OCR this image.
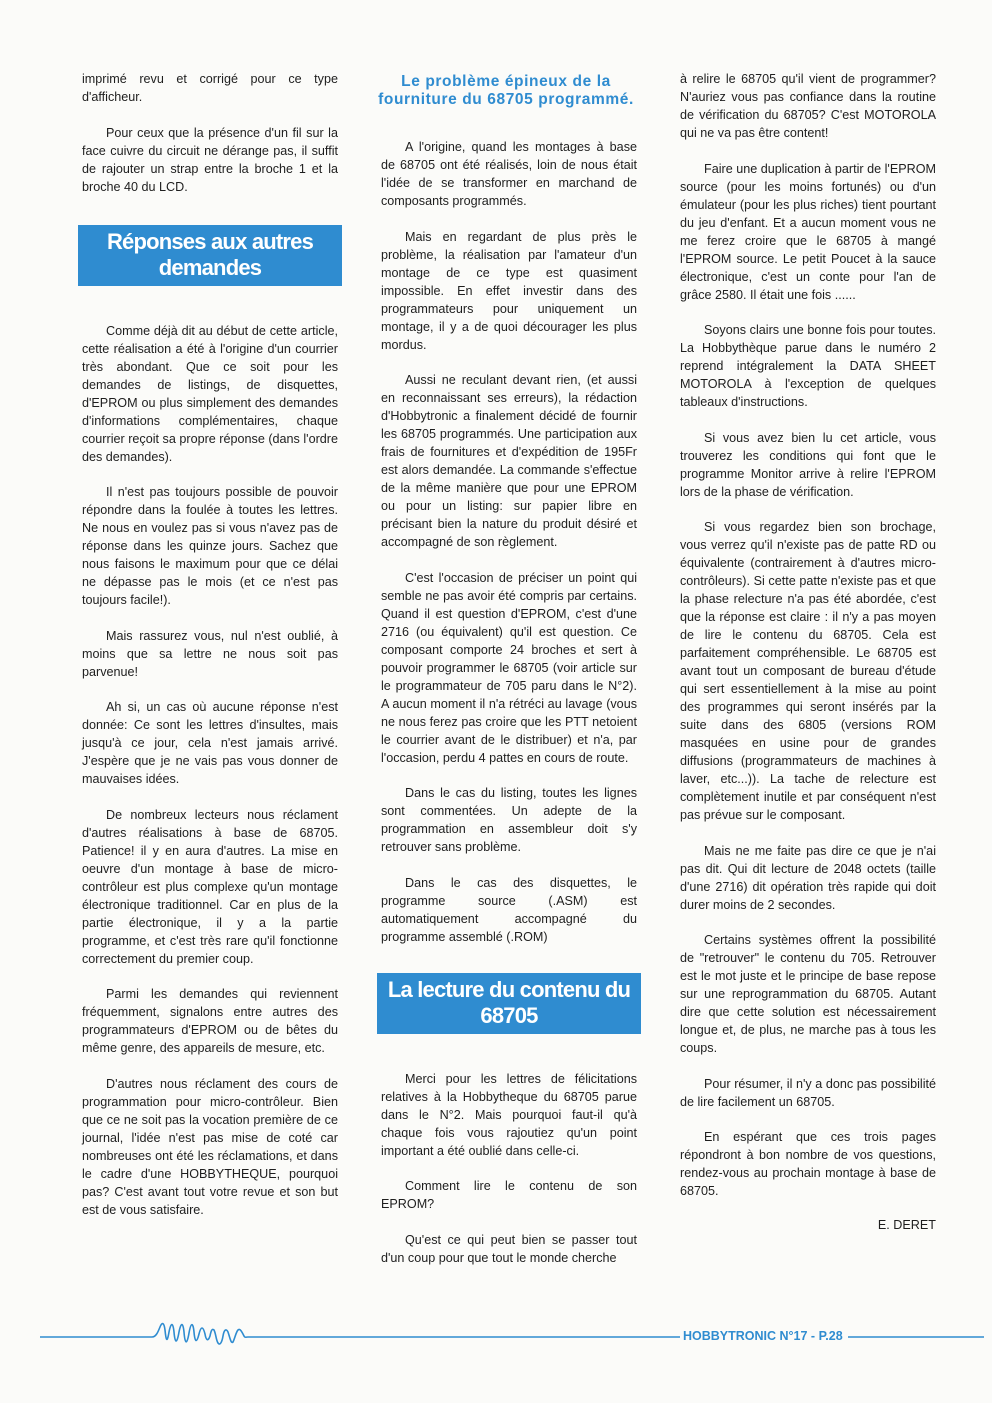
imprimé revu et corrigé pour ce type d'afficheur.

Pour ceux que la présence d'un fil sur la face cuivre du circuit ne dérange pas, il suffit de rajouter un strap entre la broche 1 et la broche 40 du LCD.

Réponses aux autres demandes

Comme déjà dit au début de cette article, cette réalisation a été à l'origine d'un courrier très abondant. Que ce soit pour les demandes de listings, de disquettes, d'EPROM ou plus simplement des demandes d'informations complémentaires, chaque courrier reçoit sa propre réponse (dans l'ordre des demandes).

Il n'est pas toujours possible de pouvoir répondre dans la foulée à toutes les lettres. Ne nous en voulez pas si vous n'avez pas de réponse dans les quinze jours. Sachez que nous faisons le maximum pour que ce délai ne dépasse pas le mois (et ce n'est pas toujours facile!).

Mais rassurez vous, nul n'est oublié, à moins que sa lettre ne nous soit pas parvenue!

Ah si, un cas où aucune réponse n'est donnée: Ce sont les lettres d'insultes, mais jusqu'à ce jour, cela n'est jamais arrivé. J'espère que je ne vais pas vous donner de mauvaises idées.

De nombreux lecteurs nous réclament d'autres réalisations à base de 68705. Patience! il y en aura d'autres. La mise en oeuvre d'un montage à base de micro-contrôleur est plus complexe qu'un montage électronique traditionnel. Car en plus de la partie électronique, il y a la partie programme, et c'est très rare qu'il fonctionne correctement du premier coup.

Parmi les demandes qui reviennent fréquemment, signalons entre autres des programmateurs d'EPROM ou de bêtes du même genre, des appareils de mesure, etc.

D'autres nous réclament des cours de programmation pour micro-contrôleur. Bien que ce ne soit pas la vocation première de ce journal, l'idée n'est pas mise de coté car nombreuses ont été les réclamations, et dans le cadre d'une HOBBYTHEQUE, pourquoi pas? C'est avant tout votre revue et son but est de vous satisfaire.

Le problème épineux de la fourniture du 68705 programmé.

A l'origine, quand les montages à base de 68705 ont été réalisés, loin de nous était l'idée de se transformer en marchand de composants programmés.

Mais en regardant de plus près le problème, la réalisation par l'amateur d'un montage de ce type est quasiment impossible. En effet investir dans des programmateurs pour uniquement un montage, il y a de quoi décourager les plus mordus.

Aussi ne reculant devant rien, (et aussi en reconnaissant ses erreurs), la rédaction d'Hobbytronic a finalement décidé de fournir les 68705 programmés. Une participation aux frais de fournitures et d'expédition de 195Fr est alors demandée. La commande s'effectue de la même manière que pour une EPROM ou pour un listing: sur papier libre en précisant bien la nature du produit désiré et accompagné de son règlement.

C'est l'occasion de préciser un point qui semble ne pas avoir été compris par certains. Quand il est question d'EPROM, c'est d'une 2716 (ou équivalent) qu'il est question. Ce composant comporte 24 broches et sert à pouvoir programmer le 68705 (voir article sur le programmateur de 705 paru dans le N°2). A aucun moment il n'a rétréci au lavage (vous ne nous ferez pas croire que les PTT netoient le courrier avant de le distribuer) et n'a, par l'occasion, perdu 4 pattes en cours de route.

Dans le cas du listing, toutes les lignes sont commentées. Un adepte de la programmation en assembleur doit s'y retrouver sans problème.

Dans le cas des disquettes, le programme source (.ASM) est automatiquement accompagné du programme assemblé (.ROM)

La lecture du contenu du 68705

Merci pour les lettres de félicitations relatives à la Hobbytheque du 68705 parue dans le N°2. Mais pourquoi faut-il qu'à chaque fois vous rajoutiez qu'un point important a été oublié dans celle-ci.

Comment lire le contenu de son EPROM?

Qu'est ce qui peut bien se passer tout d'un coup pour que tout le monde cherche

à relire le 68705 qu'il vient de programmer? N'auriez vous pas confiance dans la routine de vérification du 68705? C'est MOTOROLA qui ne va pas être content!

Faire une duplication à partir de l'EPROM source (pour les moins fortunés) ou d'un émulateur (pour les plus riches) tient pourtant du jeu d'enfant. Et a aucun moment vous ne me ferez croire que le 68705 à mangé l'EPROM source. Le petit Poucet à la sauce électronique, c'est un conte pour l'an de grâce 2580. Il était une fois ......

Soyons clairs une bonne fois pour toutes. La Hobbythèque parue dans le numéro 2 reprend intégralement la DATA SHEET MOTOROLA à l'exception de quelques tableaux d'instructions.

Si vous avez bien lu cet article, vous trouverez les conditions qui font que le programme Monitor arrive à relire l'EPROM lors de la phase de vérification.

Si vous regardez bien son brochage, vous verrez qu'il n'existe pas de patte RD ou équivalente (contrairement à d'autres micro-contrôleurs). Si cette patte n'existe pas et que la phase relecture n'a pas été abordée, c'est que la réponse est claire : il n'y a pas moyen de lire le contenu du 68705. Cela est parfaitement compréhensible. Le 68705 est avant tout un composant de bureau d'étude qui sert essentiellement à la mise au point des programmes qui seront insérés par la suite dans des 6805 (versions ROM masquées en usine pour de grandes diffusions (programmateurs de machines à laver, etc...)). La tache de relecture est complètement inutile et par conséquent n'est pas prévue sur le composant.

Mais ne me faite pas dire ce que je n'ai pas dit. Qui dit lecture de 2048 octets (taille d'une 2716) dit opération très rapide qui doit durer moins de 2 secondes.

Certains systèmes offrent la possibilité de "retrouver" le contenu du 705. Retrouver est le mot juste et le principe de base repose sur une reprogrammation du 68705. Autant dire que cette solution est nécessairement longue et, de plus, ne marche pas à tous les coups.

Pour résumer, il n'y a donc pas possibilité de lire facilement un 68705.

En espérant que ces trois pages répondront à bon nombre de vos questions, rendez-vous au prochain montage à base de 68705.

E. DERET
HOBBYTRONIC N°17 - P.28
